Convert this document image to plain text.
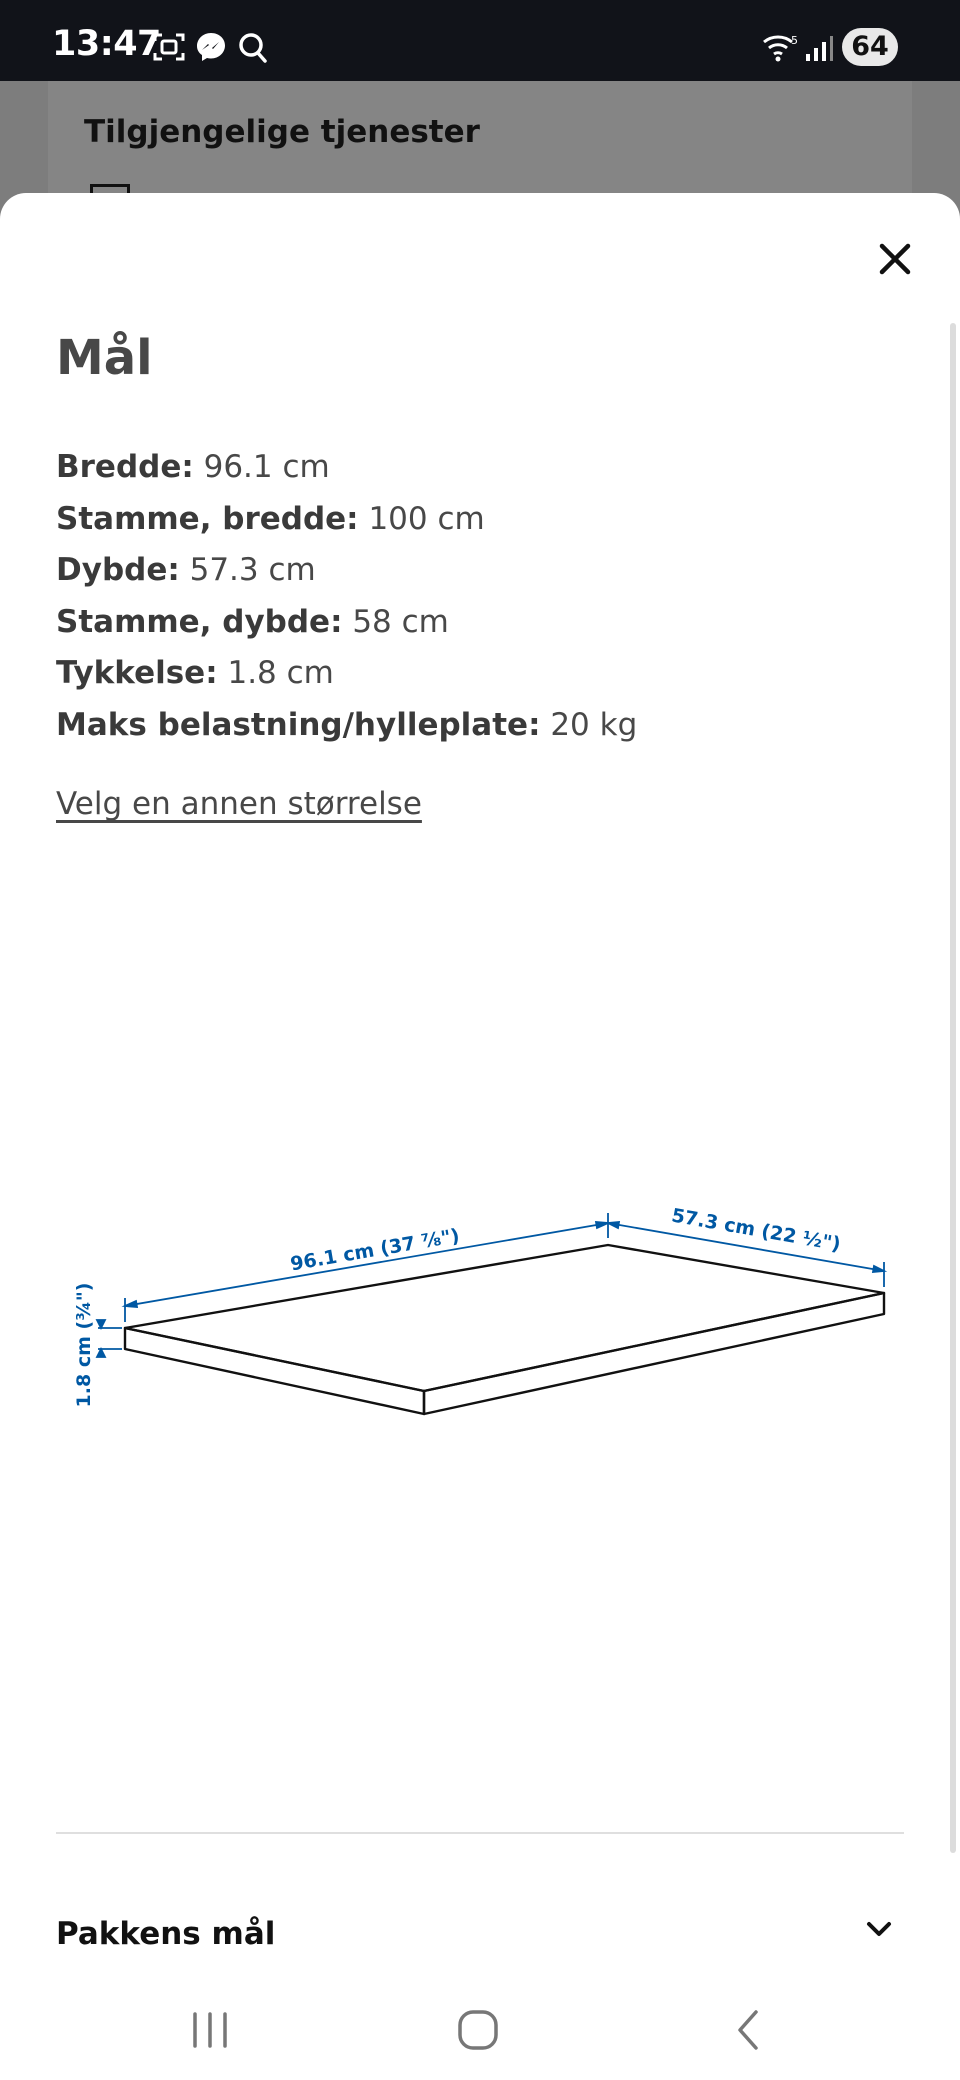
13:47	5	64
Tilgjengelige tjenester
Mål
Bredde: 96.1 cm
Stamme, bredde: 100 cm
Dybde: 57.3 cm
Stamme, dybde: 58 cm
Tykkelse: 1.8 cm
Maks belastning/hylleplate: 20 kg
Velg en annen størrelse
96.1 cm (37 ⅞")	57.3 cm (22 ½")
1.8 cm (¾")
Pakkens mål
